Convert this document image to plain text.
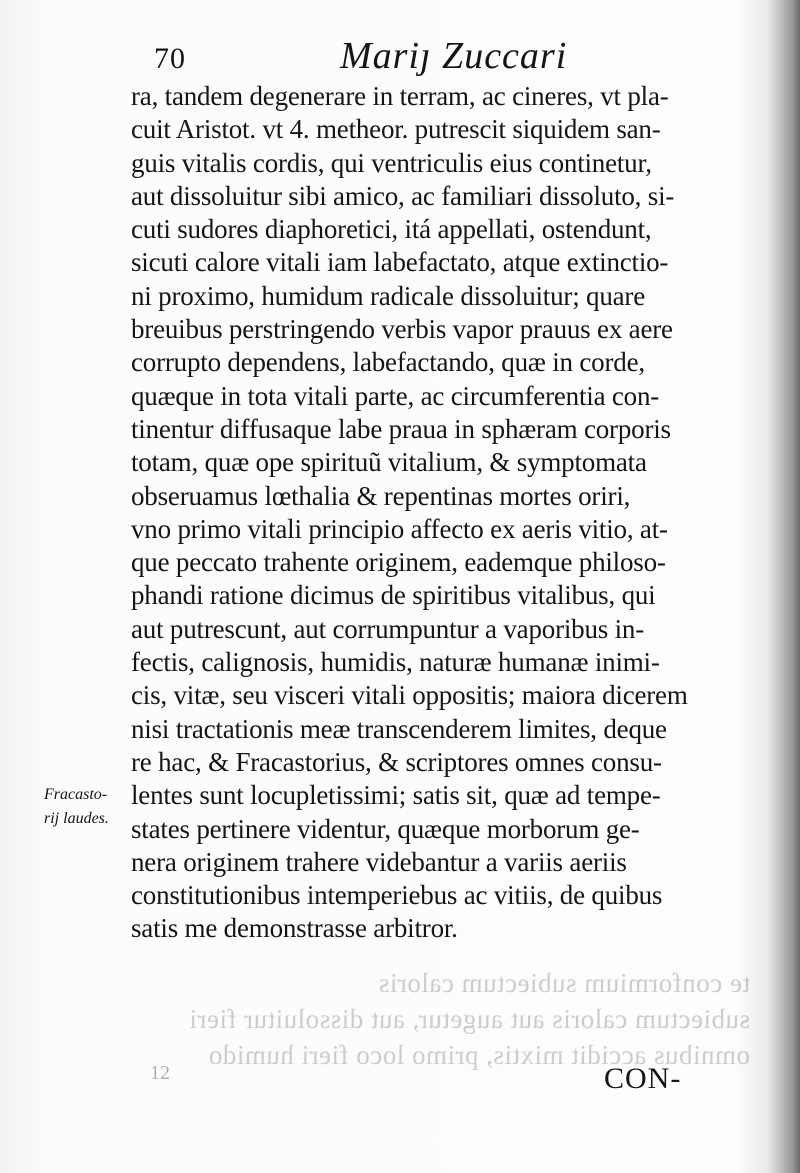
te conformium subiectum caloris
subiectum caloris aut augetur, aut dissoluitur fieri
omnibus accidit mixtis, primo loco fieri humido
70	Mariȷ Zuccari
Fracasto-
rij laudes.
ra, tandem degenerare in terram, ac cineres, vt pla-
cuit Aristot. vt 4. metheor. putrescit siquidem san-
guis vitalis cordis, qui ventriculis eius continetur,
aut dissoluitur sibi amico, ac familiari dissoluto, si-
cuti sudores diaphoretici, itá appellati, ostendunt,
sicuti calore vitali iam labefactato, atque extinctio-
ni proximo, humidum radicale dissoluitur; quare
breuibus perstringendo verbis vapor prauus ex aere
corrupto dependens, labefactando, quæ in corde,
quæque in tota vitali parte, ac circumferentia con-
tinentur diffusaque labe praua in sphæram corporis
totam, quæ ope spirituũ vitalium, & symptomata
obseruamus lœthalia & repentinas mortes oriri,
vno primo vitali principio affecto ex aeris vitio, at-
que peccato trahente originem, eademque philoso-
phandi ratione dicimus de spiritibus vitalibus, qui
aut putrescunt, aut corrumpuntur a vaporibus in-
fectis, calignosis, humidis, naturæ humanæ inimi-
cis, vitæ, seu visceri vitali oppositis; maiora dicerem
nisi tractationis meæ transcenderem limites, deque
re hac, & Fracastorius, & scriptores omnes consu-
lentes sunt locupletissimi; satis sit, quæ ad tempe-
states pertinere videntur, quæque morborum ge-
nera originem trahere videbantur a variis aeriis
constitutionibus intemperiebus ac vitiis, de quibus
satis me demonstrasse arbitror.
12	CON-
